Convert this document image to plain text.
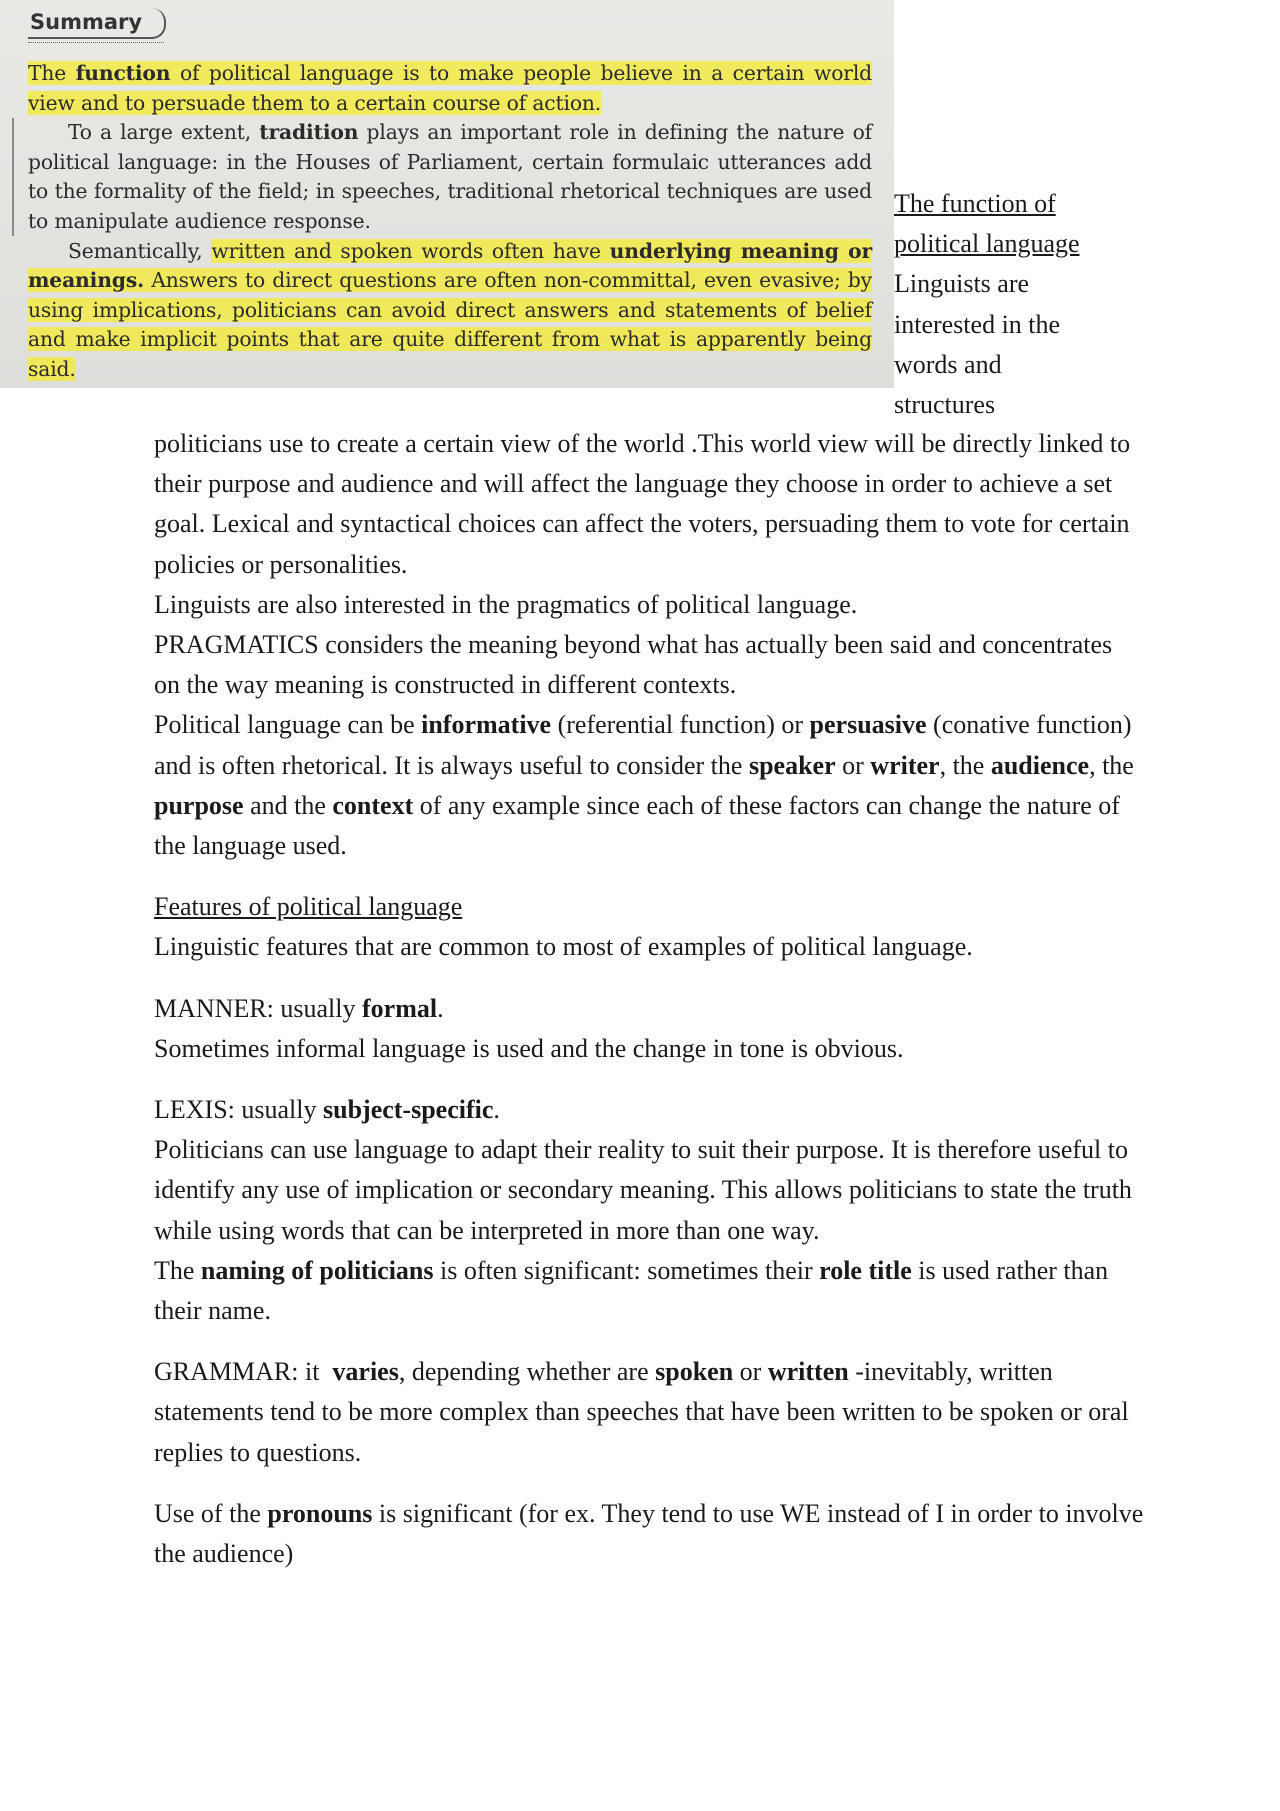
Summary

The function of political language is to make people believe in a certain world view and to persuade them to a certain course of action.

To a large extent, tradition plays an important role in defining the nature of political language: in the Houses of Parliament, certain formulaic utterances add to the formality of the field; in speeches, traditional rhetorical techniques are used to manipulate audience response.

Semantically, written and spoken words often have underlying meaning or meanings. Answers to direct questions are often non-committal, even evasive; by using implications, politicians can avoid direct answers and statements of belief and make implicit points that are quite different from what is apparently being said.

The function of
political language
Linguists are
interested in the
words and
structures

politicians use to create a certain view of the world .This world view will be directly linked to their purpose and audience and will affect the language they choose in order to achieve a set goal. Lexical and syntactical choices can affect the voters, persuading them to vote for certain policies or personalities.

Linguists are also interested in the pragmatics of political language.

PRAGMATICS considers the meaning beyond what has actually been said and concentrates on the way meaning is constructed in different contexts.

Political language can be informative (referential function) or persuasive (conative function) and is often rhetorical. It is always useful to consider the speaker or writer, the audience, the purpose and the context of any example since each of these factors can change the nature of the language used.

Features of political language

Linguistic features that are common to most of examples of political language.

MANNER: usually formal.

Sometimes informal language is used and the change in tone is obvious.

LEXIS: usually subject-specific.

Politicians can use language to adapt their reality to suit their purpose. It is therefore useful to identify any use of implication or secondary meaning. This allows politicians to state the truth while using words that can be interpreted in more than one way.

The naming of politicians is often significant: sometimes their role title is used rather than their name.

GRAMMAR: it varies, depending whether are spoken or written -inevitably, written statements tend to be more complex than speeches that have been written to be spoken or oral replies to questions.

Use of the pronouns is significant (for ex. They tend to use WE instead of I in order to involve the audience)
